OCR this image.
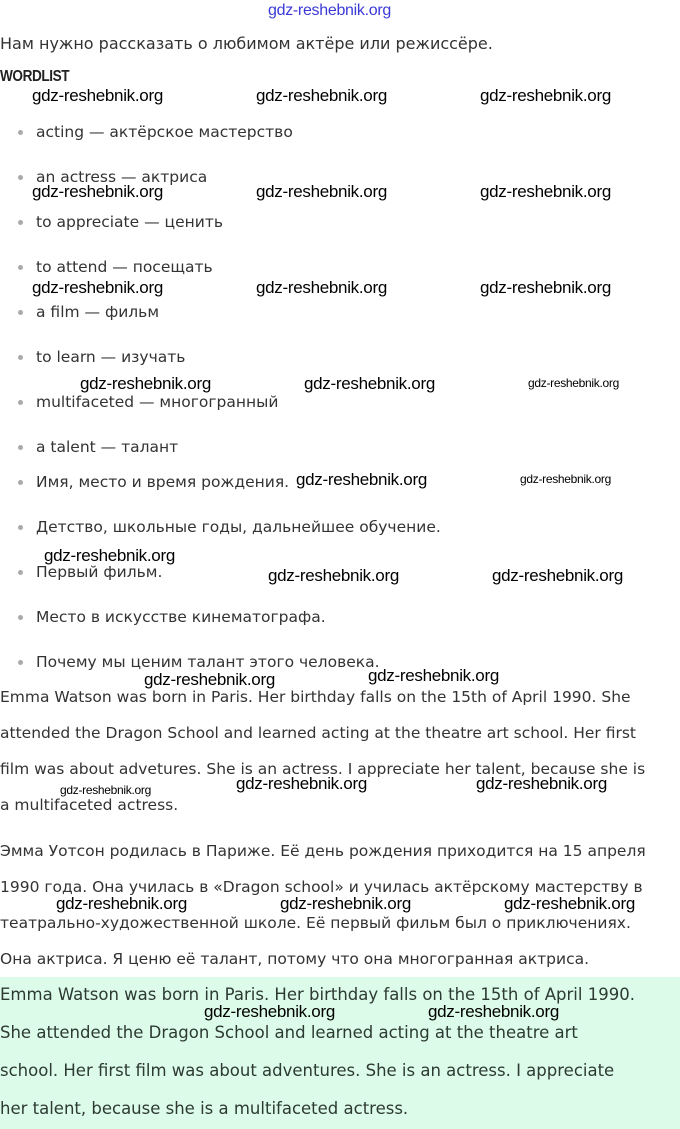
gdz-reshebnik.org
Нам нужно рассказать о любимом актёре или режиссёре.
WORDLIST
acting — актёрское мастерство
an actress — актриса
to appreciate — ценить
to attend — посещать
a film — фильм
to learn — изучать
multifaceted — многогранный
a talent — талант
Имя, место и время рождения.
Детство, школьные годы, дальнейшее обучение.
Первый фильм.
Место в искусстве кинематографа.
Почему мы ценим талант этого человека.
Emma Watson was born in Paris. Her birthday falls on the 15th of April 1990. She
attended the Dragon School and learned acting at the theatre art school. Her first
film was about advetures. She is an actress. I appreciate her talent, because she is
a multifaceted actress.
Эмма Уотсон родилась в Париже. Её день рождения приходится на 15 апреля
1990 года. Она училась в «Dragon school» и училась актёрскому мастерству в
театрально-художественной школе. Её первый фильм был о приключениях.
Она актриса. Я ценю её талант, потому что она многогранная актриса.
Emma Watson was born in Paris. Her birthday falls on the 15th of April 1990.
She attended the Dragon School and learned acting at the theatre art
school. Her first film was about adventures. She is an actress. I appreciate
her talent, because she is a multifaceted actress.
gdz-reshebnik.org	gdz-reshebnik.org	gdz-reshebnik.org
gdz-reshebnik.org	gdz-reshebnik.org	gdz-reshebnik.org
gdz-reshebnik.org	gdz-reshebnik.org	gdz-reshebnik.org
gdz-reshebnik.org	gdz-reshebnik.org	gdz-reshebnik.org
gdz-reshebnik.org	gdz-reshebnik.org
gdz-reshebnik.org
gdz-reshebnik.org	gdz-reshebnik.org
gdz-reshebnik.org	gdz-reshebnik.org
gdz-reshebnik.org	gdz-reshebnik.org	gdz-reshebnik.org
gdz-reshebnik.org	gdz-reshebnik.org	gdz-reshebnik.org
gdz-reshebnik.org	gdz-reshebnik.org
